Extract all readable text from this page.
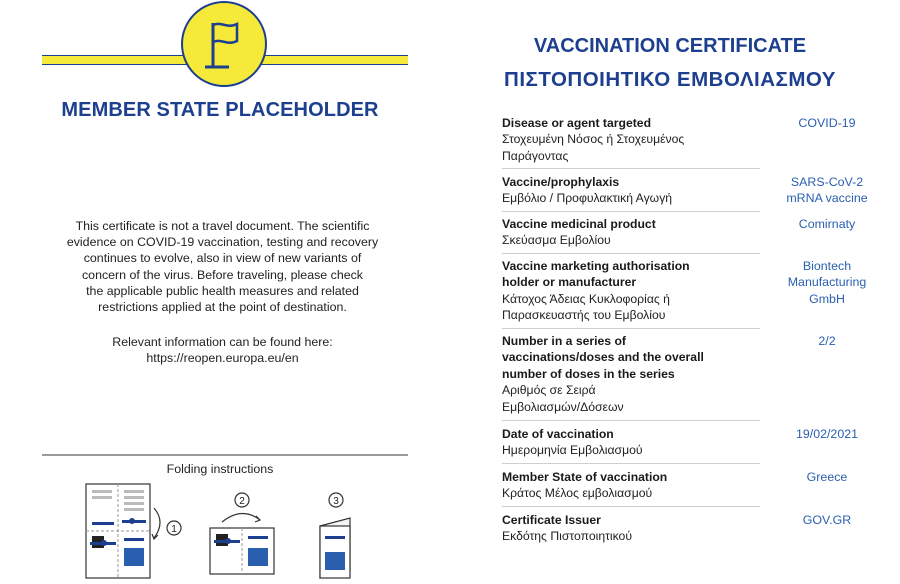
MEMBER STATE PLACEHOLDER
This certificate is not a travel document. The scientific
evidence on COVID-19 vaccination, testing and recovery
continues to evolve, also in view of new variants of
concern of the virus. Before traveling, please check
the applicable public health measures and related
restrictions applied at the point of destination.
Relevant information can be found here:
https://reopen.europa.eu/en
Folding instructions
1
2	3
VACCINATION CERTIFICATE
ΠΙΣΤΟΠΟΙΗΤΙΚΟ ΕΜΒΟΛΙΑΣΜΟΥ
Disease or agent targeted
Στοχευμένη Νόσος ή Στοχευμένος
Παράγοντας
COVID-19
Vaccine/prophylaxis
Εμβόλιο / Προφυλακτική Αγωγή
SARS-CoV-2
mRNA vaccine
Vaccine medicinal product
Σκεύασμα Εμβολίου
Comirnaty
Vaccine marketing authorisation
holder or manufacturer
Κάτοχος Άδειας Κυκλοφορίας ή
Παρασκευαστής του Εμβολίου
Biontech
Manufacturing
GmbH
Number in a series of
vaccinations/doses and the overall
number of doses in the series
Αριθμός σε Σειρά
Εμβολιασμών/Δόσεων
2/2
Date of vaccination
Ημερομηνία Εμβολιασμού
19/02/2021
Member State of vaccination
Κράτος Μέλος εμβολιασμού
Greece
Certificate Issuer
Εκδότης Πιστοποιητικού
GOV.GR
